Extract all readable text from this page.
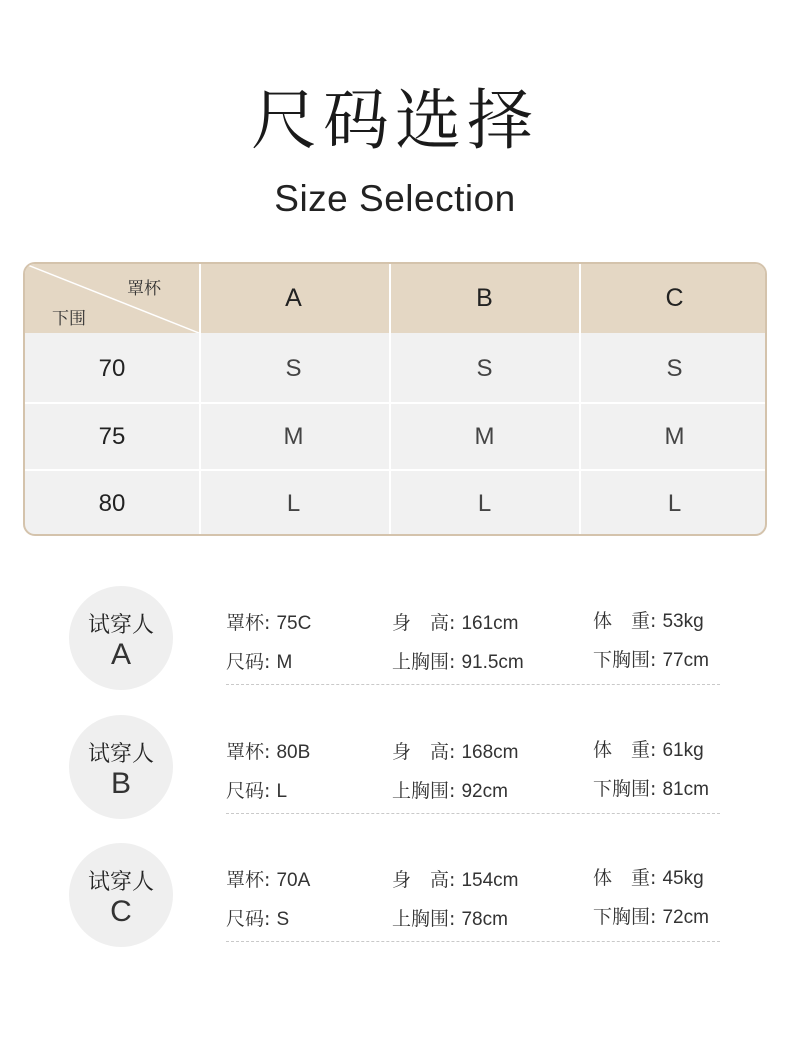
尺码选择
Size Selection
罩杯
下围
A	B	C
70	S	S	S
75	M	M	M
80	L	L	L
试穿人
A
罩杯: 75C	身　高: 161cm	体　重: 53kg
尺码: M	上胸围: 91.5cm	下胸围: 77cm
试穿人
B
罩杯: 80B	身　高: 168cm	体　重: 61kg
尺码: L	上胸围: 92cm	下胸围: 81cm
试穿人
C
罩杯: 70A	身　高: 154cm	体　重: 45kg
尺码: S	上胸围: 78cm	下胸围: 72cm
